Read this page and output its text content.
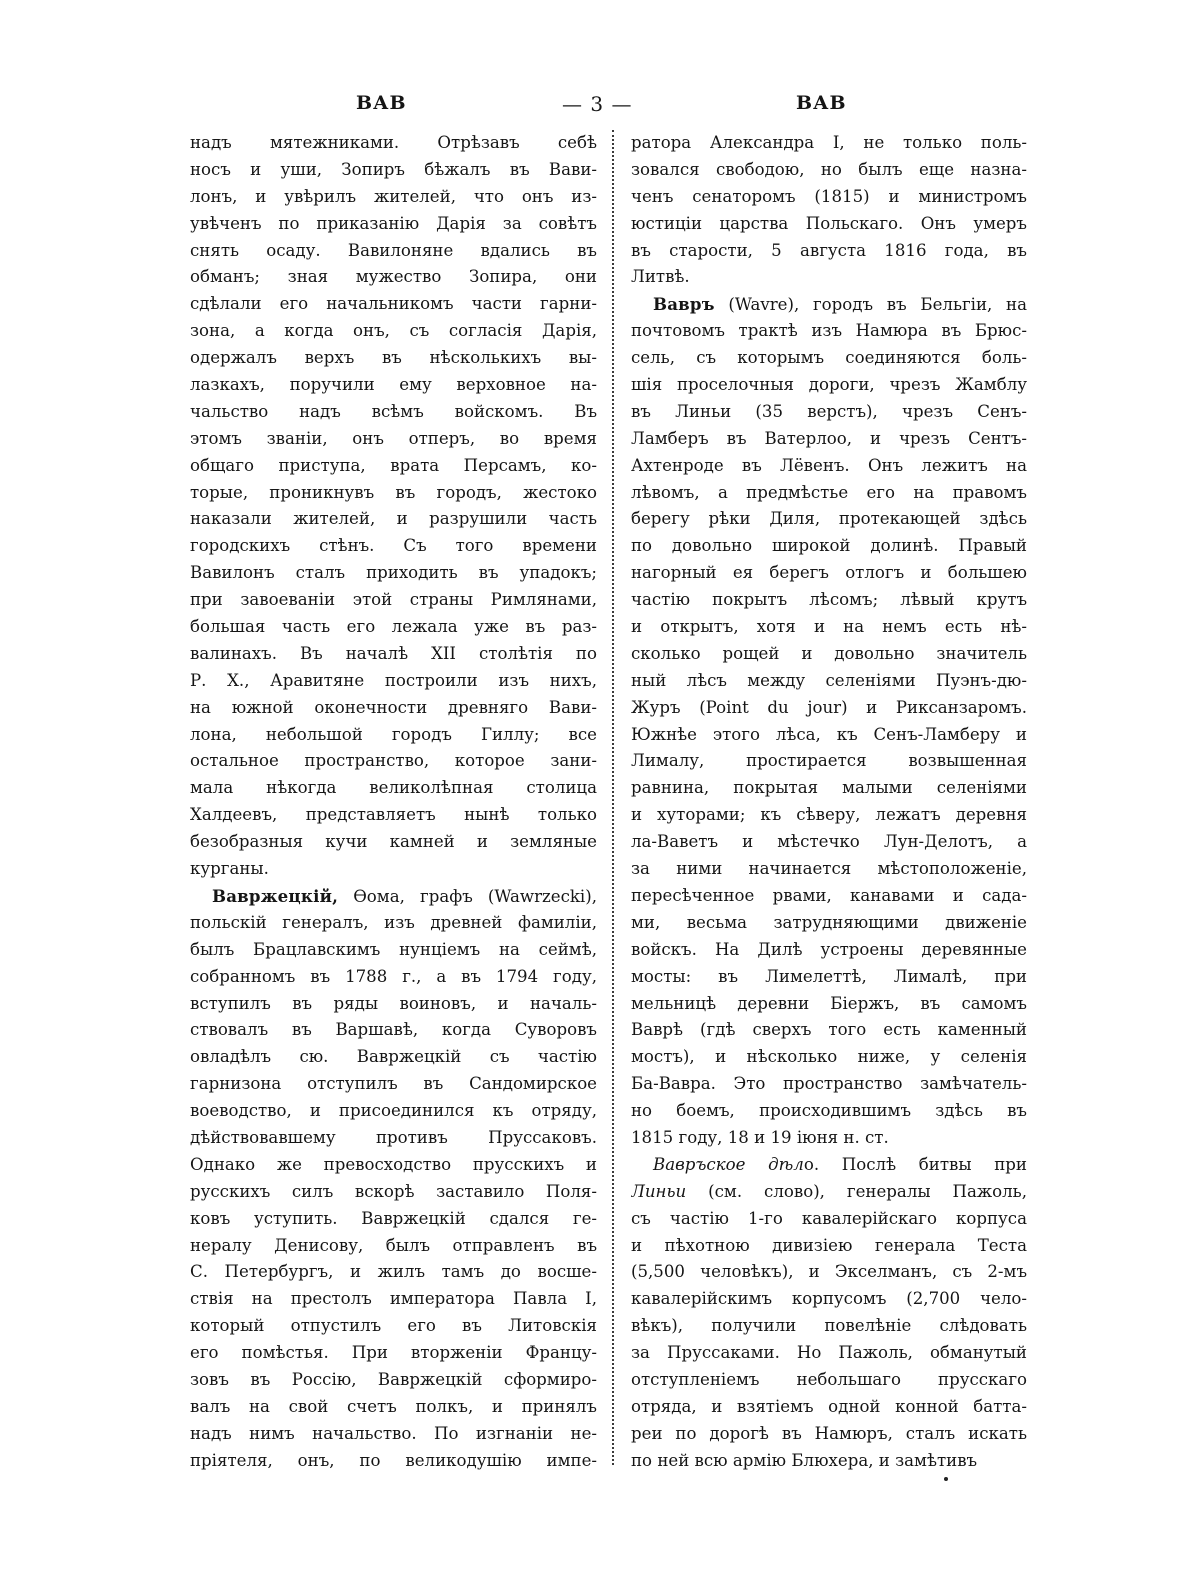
ВАВ	— 3 —	ВАВ
надъ мятежниками. Отрѣзавъ себѣ
носъ и уши, Зопиръ бѣжалъ въ Вави-
лонъ, и увѣрилъ жителей, что онъ из-
увѣченъ по приказанію Дарія за совѣтъ
снять осаду. Вавилоняне вдались въ
обманъ; зная мужество Зопира, они
сдѣлали его начальникомъ части гарни-
зона, а когда онъ, съ согласія Дарія,
одержалъ верхъ въ нѣсколькихъ вы-
лазкахъ, поручили ему верховное на-
чальство надъ всѣмъ войскомъ. Въ
этомъ званіи, онъ отперъ, во время
общаго приступа, врата Персамъ, ко-
торые, проникнувъ въ городъ, жестоко
наказали жителей, и разрушили часть
городскихъ стѣнъ. Съ того времени
Вавилонъ сталъ приходить въ упадокъ;
при завоеваніи этой страны Римлянами,
большая часть его лежала уже въ раз-
валинахъ. Въ началѣ XII столѣтія по
Р. Х., Аравитяне построили изъ нихъ,
на южной оконечности древняго Вави-
лона, небольшой городъ Гиллу; все
остальное пространство, которое зани-
мала нѣкогда великолѣпная столица
Халдеевъ, представляетъ нынѣ только
безобразныя кучи камней и земляные
курганы.
Вавржецкій, Ѳома, графъ (Wawrzecki),
польскій генералъ, изъ древней фамиліи,
былъ Брацлавскимъ нунціемъ на сеймѣ,
собранномъ въ 1788 г., а въ 1794 году,
вступилъ въ ряды воиновъ, и началь-
ствовалъ въ Варшавѣ, когда Суворовъ
овладѣлъ сю. Вавржецкій съ частію
гарнизона отступилъ въ Сандомирское
воеводство, и присоединился къ отряду,
дѣйствовавшему противъ Пруссаковъ.
Однако же превосходство прусскихъ и
русскихъ силъ вскорѣ заставило Поля-
ковъ уступить. Вавржецкій сдался ге-
нералу Денисову, былъ отправленъ въ
С. Петербургъ, и жилъ тамъ до восше-
ствія на престолъ императора Павла I,
который отпустилъ его въ Литовскія
его помѣстья. При вторженіи Францу-
зовъ въ Россію, Вавржецкій сформиро-
валъ на свой счетъ полкъ, и принялъ
надъ нимъ начальство. По изгнаніи не-
пріятеля, онъ, по великодушію импе-
ратора Александра I, не только поль-
зовался свободою, но былъ еще назна-
ченъ сенаторомъ (1815) и министромъ
юстиціи царства Польскаго. Онъ умеръ
въ старости, 5 августа 1816 года, въ
Литвѣ.
Вавръ (Wavre), городъ въ Бельгіи, на
почтовомъ трактѣ изъ Намюра въ Брюс-
сель, съ которымъ соединяются боль-
шія проселочныя дороги, чрезъ Жамблу
въ Линьи (35 верстъ), чрезъ Сенъ-
Ламберъ въ Ватерлоо, и чрезъ Сентъ-
Ахтенроде въ Лёвенъ. Онъ лежитъ на
лѣвомъ, а предмѣстье его на правомъ
берегу рѣки Диля, протекающей здѣсь
по довольно широкой долинѣ. Правый
нагорный ея берегъ отлогъ и большею
частію покрытъ лѣсомъ; лѣвый крутъ
и открытъ, хотя и на немъ есть нѣ-
сколько рощей и довольно значитель
ный лѣсъ между селеніями Пуэнъ-дю-
Журъ (Point du jour) и Риксанзаромъ.
Южнѣе этого лѣса, къ Сенъ-Ламберу и
Лималу, простирается возвышенная
равнина, покрытая малыми селеніями
и хуторами; къ сѣверу, лежатъ деревня
ла-Ваветъ и мѣстечко Лун-Делотъ, а
за ними начинается мѣстоположеніе,
пересѣченное рвами, канавами и сада-
ми, весьма затрудняющими движеніе
войскъ. На Дилѣ устроены деревянные
мосты: въ Лимелеттѣ, Лималѣ, при
мельницѣ деревни Біержъ, въ самомъ
Ваврѣ (гдѣ сверхъ того есть каменный
мостъ), и нѣсколько ниже, у селенія
Ба-Вавра. Это пространство замѣчатель-
но боемъ, происходившимъ здѣсь въ
1815 году, 18 и 19 іюня н. ст.
Вавръское дѣло. Послѣ битвы при
Линьи (см. слово), генералы Пажоль,
съ частію 1-го кавалерійскаго корпуса
и пѣхотною дивизіею генерала Теста
(5,500 человѣкъ), и Экселманъ, съ 2-мъ
кавалерійскимъ корпусомъ (2,700 чело-
вѣкъ), получили повелѣніе слѣдовать
за Пруссаками. Но Пажоль, обманутый
отступленіемъ небольшаго прусскаго
отряда, и взятіемъ одной конной батта-
реи по дорогѣ въ Намюръ, сталъ искать
по ней всю армію Блюхера, и замѣтивъ
